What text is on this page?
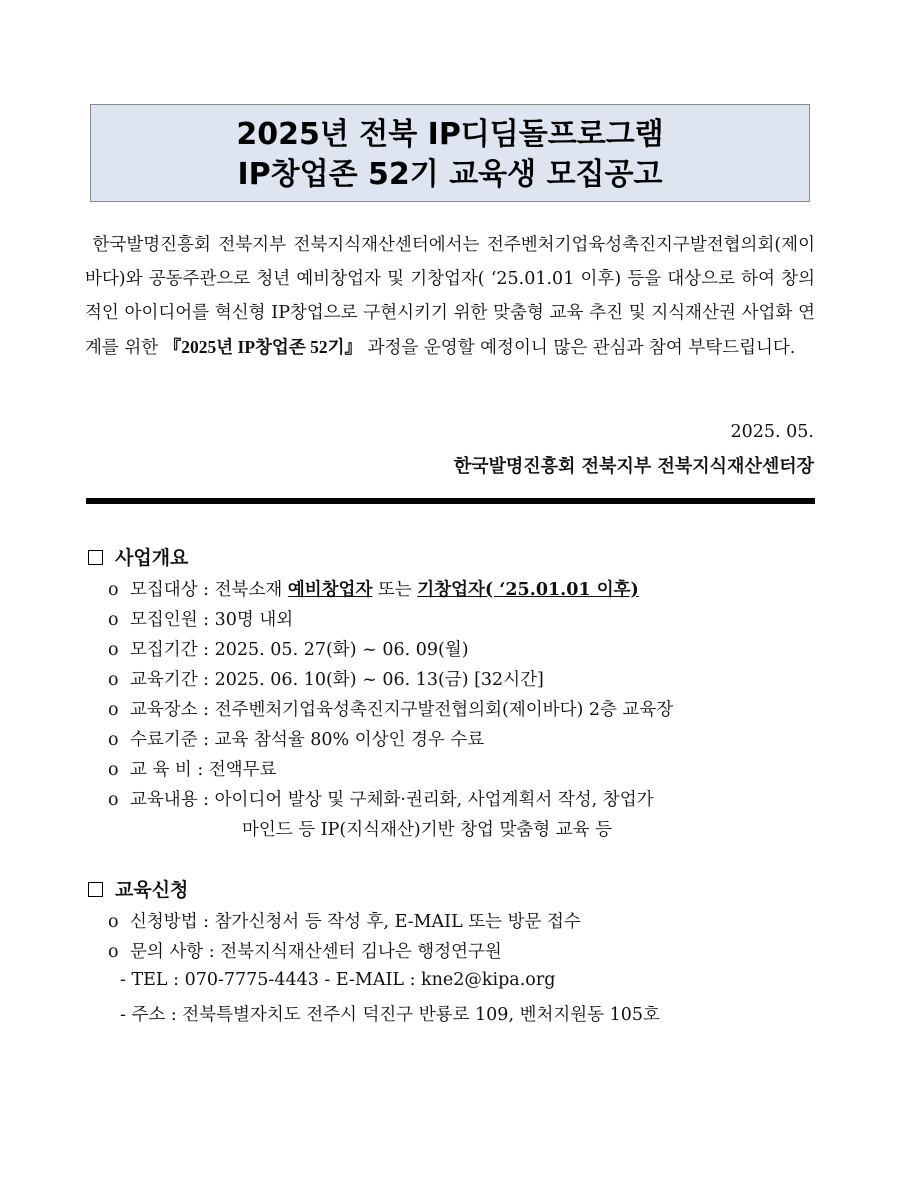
2025년 전북 IP디딤돌프로그램
IP창업존 52기 교육생 모집공고
한국발명진흥회 전북지부 전북지식재산센터에서는 전주벤처기업육성촉진지구발전협의회(제이바다)와 공동주관으로 청년 예비창업자 및 기창업자( ‘25.01.01 이후) 등을 대상으로 하여 창의적인 아이디어를 혁신형 IP창업으로 구현시키기 위한 맞춤형 교육 추진 및 지식재산권 사업화 연계를 위한 『2025년 IP창업존 52기』 과정을 운영할 예정이니 많은 관심과 참여 부탁드립니다.
2025. 05.
한국발명진흥회 전북지부 전북지식재산센터장
사업개요
o 모집대상 : 전북소재 예비창업자 또는 기창업자( ‘25.01.01 이후)
o 모집인원 : 30명 내외
o 모집기간 : 2025. 05. 27(화) ~ 06. 09(월)
o 교육기간 : 2025. 06. 10(화) ~ 06. 13(금) [32시간]
o 교육장소 : 전주벤처기업육성촉진지구발전협의회(제이바다) 2층 교육장
o 수료기준 : 교육 참석율 80% 이상인 경우 수료
o 교 육 비 : 전액무료
o 교육내용 : 아이디어 발상 및 구체화·권리화, 사업계획서 작성, 창업가
마인드 등 IP(지식재산)기반 창업 맞춤형 교육 등
교육신청
o 신청방법 : 참가신청서 등 작성 후, E-MAIL 또는 방문 접수
o 문의 사항 : 전북지식재산센터 김나은 행정연구원
- TEL : 070-7775-4443 - E-MAIL : kne2@kipa.org
- 주소 : 전북특별자치도 전주시 덕진구 반룡로 109, 벤처지원동 105호
